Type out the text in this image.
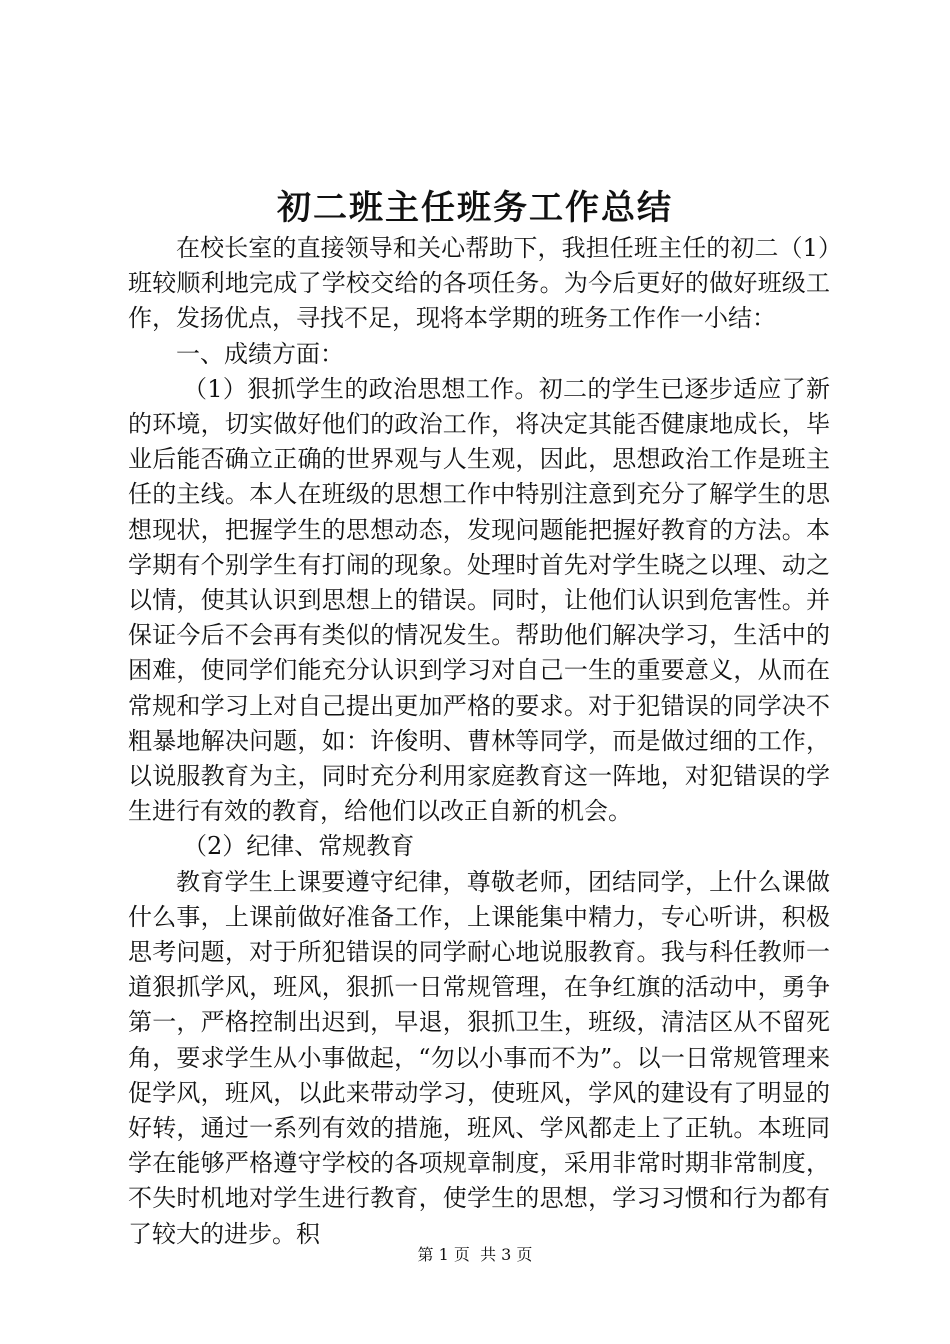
初二班主任班务工作总结

在校长室的直接领导和关心帮助下，我担任班主任的初二（1）班较顺利地完成了学校交给的各项任务。为今后更好的做好班级工作，发扬优点，寻找不足，现将本学期的班务工作作一小结：

一、成绩方面：

（1）狠抓学生的政治思想工作。初二的学生已逐步适应了新的环境，切实做好他们的政治工作，将决定其能否健康地成长，毕业后能否确立正确的世界观与人生观，因此，思想政治工作是班主任的主线。本人在班级的思想工作中特别注意到充分了解学生的思想现状，把握学生的思想动态，发现问题能把握好教育的方法。本学期有个别学生有打闹的现象。处理时首先对学生晓之以理、动之以情，使其认识到思想上的错误。同时，让他们认识到危害性。并保证今后不会再有类似的情况发生。帮助他们解决学习，生活中的困难，使同学们能充分认识到学习对自己一生的重要意义，从而在常规和学习上对自己提出更加严格的要求。对于犯错误的同学决不粗暴地解决问题，如：许俊明、曹林等同学，而是做过细的工作，以说服教育为主，同时充分利用家庭教育这一阵地，对犯错误的学生进行有效的教育，给他们以改正自新的机会。

（2）纪律、常规教育

教育学生上课要遵守纪律，尊敬老师，团结同学，上什么课做什么事，上课前做好准备工作，上课能集中精力，专心听讲，积极思考问题，对于所犯错误的同学耐心地说服教育。我与科任教师一道狠抓学风，班风，狠抓一日常规管理，在争红旗的活动中，勇争第一，严格控制出迟到，早退，狠抓卫生，班级，清洁区从不留死角，要求学生从小事做起，“勿以小事而不为”。以一日常规管理来促学风，班风，以此来带动学习，使班风，学风的建设有了明显的好转，通过一系列有效的措施，班风、学风都走上了正轨。本班同学在能够严格遵守学校的各项规章制度，采用非常时期非常制度，不失时机地对学生进行教育，使学生的思想，学习习惯和行为都有了较大的进步。积

第 1 页  共 3 页
